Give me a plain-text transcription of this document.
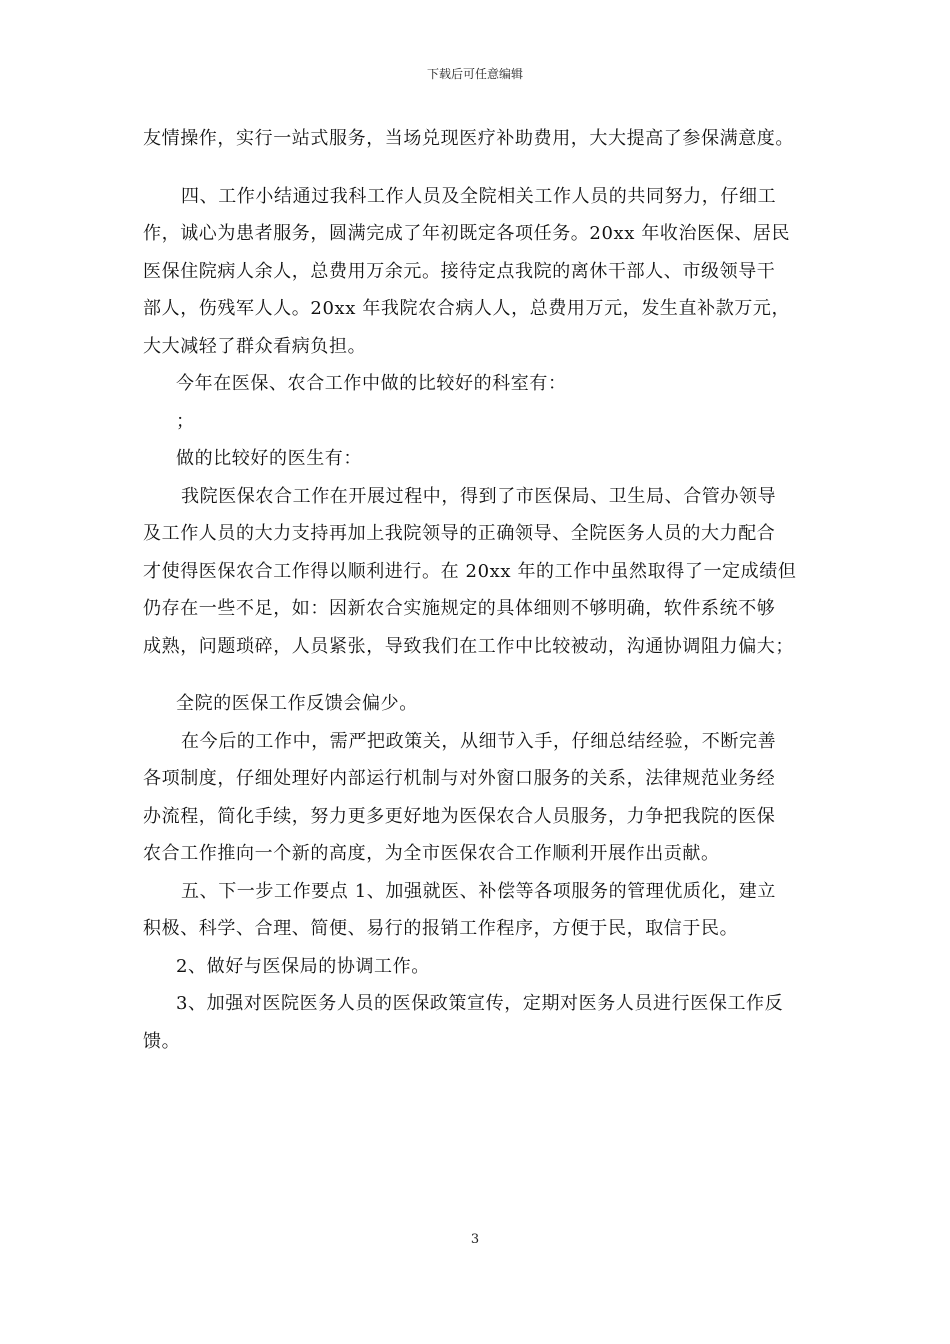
下载后可任意编辑

友情操作，实行一站式服务，当场兑现医疗补助费用，大大提高了参保满意度。

四、工作小结通过我科工作人员及全院相关工作人员的共同努力，仔细工

作，诚心为患者服务，圆满完成了年初既定各项任务。20xx 年收治医保、居民

医保住院病人余人，总费用万余元。接待定点我院的离休干部人、市级领导干

部人，伤残军人人。20xx 年我院农合病人人，总费用万元，发生直补款万元，

大大减轻了群众看病负担。

今年在医保、农合工作中做的比较好的科室有：

；

做的比较好的医生有：

我院医保农合工作在开展过程中，得到了市医保局、卫生局、合管办领导

及工作人员的大力支持再加上我院领导的正确领导、全院医务人员的大力配合

才使得医保农合工作得以顺利进行。在 20xx 年的工作中虽然取得了一定成绩但

仍存在一些不足，如：因新农合实施规定的具体细则不够明确，软件系统不够

成熟，问题琐碎，人员紧张，导致我们在工作中比较被动，沟通协调阻力偏大；

全院的医保工作反馈会偏少。

在今后的工作中，需严把政策关，从细节入手，仔细总结经验，不断完善

各项制度，仔细处理好内部运行机制与对外窗口服务的关系，法律规范业务经

办流程，简化手续，努力更多更好地为医保农合人员服务，力争把我院的医保

农合工作推向一个新的高度，为全市医保农合工作顺利开展作出贡献。

五、下一步工作要点 1、加强就医、补偿等各项服务的管理优质化，建立

积极、科学、合理、简便、易行的报销工作程序，方便于民，取信于民。

2、做好与医保局的协调工作。

3、加强对医院医务人员的医保政策宣传，定期对医务人员进行医保工作反

馈。

3
